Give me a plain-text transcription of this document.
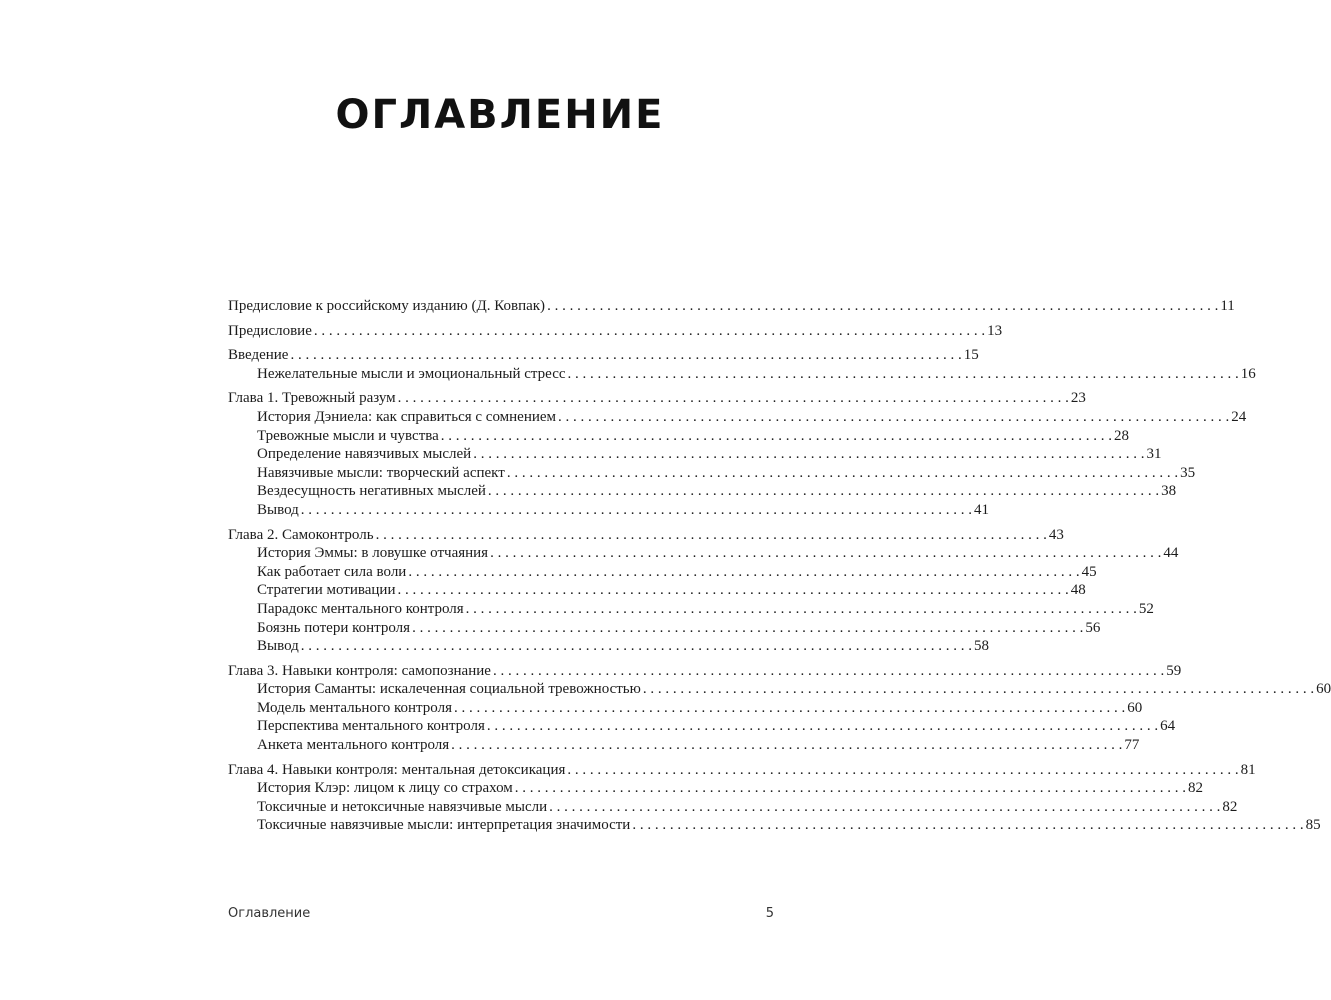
ОГЛАВЛЕНИЕ
Предисловие к российскому изданию (Д. Ковпак) . . .	11
Предисловие . . .	13
Введение . . .	15
Нежелательные мысли и эмоциональный стресс . . .	16
Глава 1. Тревожный разум . . .	23
История Дэниела: как справиться с сомнением . . .	24
Тревожные мысли и чувства . . .	28
Определение навязчивых мыслей . . .	31
Навязчивые мысли: творческий аспект . . .	35
Вездесущность негативных мыслей . . .	38
Вывод . . .	41
Глава 2. Самоконтроль . . .	43
История Эммы: в ловушке отчаяния . . .	44
Как работает сила воли . . .	45
Стратегии мотивации . . .	48
Парадокс ментального контроля . . .	52
Боязнь потери контроля . . .	56
Вывод . . .	58
Глава 3. Навыки контроля: самопознание . . .	59
История Саманты: искалеченная социальной тревожностью . . .	60
Модель ментального контроля . . .	60
Перспектива ментального контроля . . .	64
Анкета ментального контроля . . .	77
Глава 4. Навыки контроля: ментальная детоксикация . . .	81
История Клэр: лицом к лицу со страхом . . .	82
Токсичные и нетоксичные навязчивые мысли . . .	82
Токсичные навязчивые мысли: интерпретация значимости . . .	85
Оглавление	5
